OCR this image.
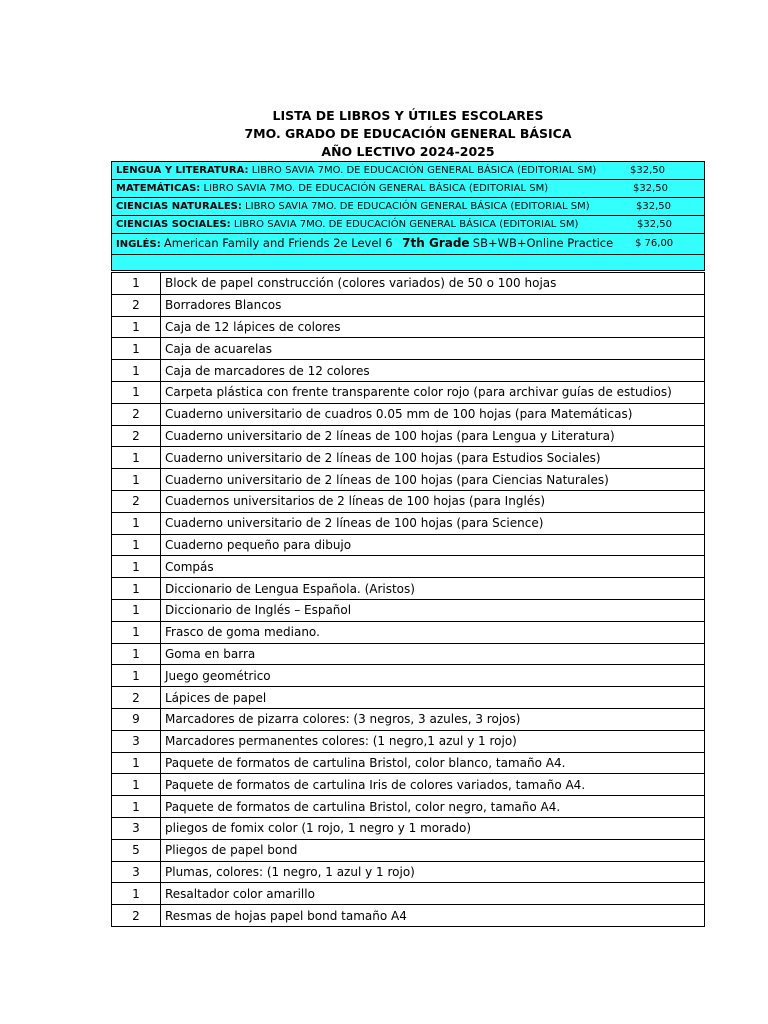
LISTA DE LIBROS Y ÚTILES ESCOLARES
7MO. GRADO DE EDUCACIÓN GENERAL BÁSICA
AÑO LECTIVO 2024-2025
LENGUA Y LITERATURA: LIBRO SAVIA 7MO. DE EDUCACIÓN GENERAL BÁSICA (EDITORIAL SM)	$32,50

MATEMÁTICAS: LIBRO SAVIA 7MO. DE EDUCACIÓN GENERAL BÁSICA (EDITORIAL SM)	$32,50

CIENCIAS NATURALES: LIBRO SAVIA 7MO. DE EDUCACIÓN GENERAL BÁSICA (EDITORIAL SM)	$32,50

CIENCIAS SOCIALES: LIBRO SAVIA 7MO. DE EDUCACIÓN GENERAL BÁSICA (EDITORIAL SM)	$32,50

INGLÉS: American Family and Friends 2e Level 6 7th Grade SB+WB+Online Practice $ 76,00

1	Block de papel construcción (colores variados) de 50 o 100 hojas
2	Borradores Blancos
1	Caja de 12 lápices de colores
1	Caja de acuarelas
1	Caja de marcadores de 12 colores
1	Carpeta plástica con frente transparente color rojo (para archivar guías de estudios)
2	Cuaderno universitario de cuadros 0.05 mm de 100 hojas (para Matemáticas)
2	Cuaderno universitario de 2 líneas de 100 hojas (para Lengua y Literatura)
1	Cuaderno universitario de 2 líneas de 100 hojas (para Estudios Sociales)
1	Cuaderno universitario de 2 líneas de 100 hojas (para Ciencias Naturales)
2	Cuadernos universitarios de 2 líneas de 100 hojas (para Inglés)
1	Cuaderno universitario de 2 líneas de 100 hojas (para Science)
1	Cuaderno pequeño para dibujo
1	Compás
1	Diccionario de Lengua Española. (Aristos)
1	Diccionario de Inglés – Español
1	Frasco de goma mediano.
1	Goma en barra
1	Juego geométrico
2	Lápices de papel
9	Marcadores de pizarra colores: (3 negros, 3 azules, 3 rojos)
3	Marcadores permanentes colores: (1 negro,1 azul y 1 rojo)
1	Paquete de formatos de cartulina Bristol, color blanco, tamaño A4.
1	Paquete de formatos de cartulina Iris de colores variados, tamaño A4.
1	Paquete de formatos de cartulina Bristol, color negro, tamaño A4.
3	pliegos de fomix color (1 rojo, 1 negro y 1 morado)
5	Pliegos de papel bond
3	Plumas, colores: (1 negro, 1 azul y 1 rojo)
1	Resaltador color amarillo
2	Resmas de hojas papel bond tamaño A4
